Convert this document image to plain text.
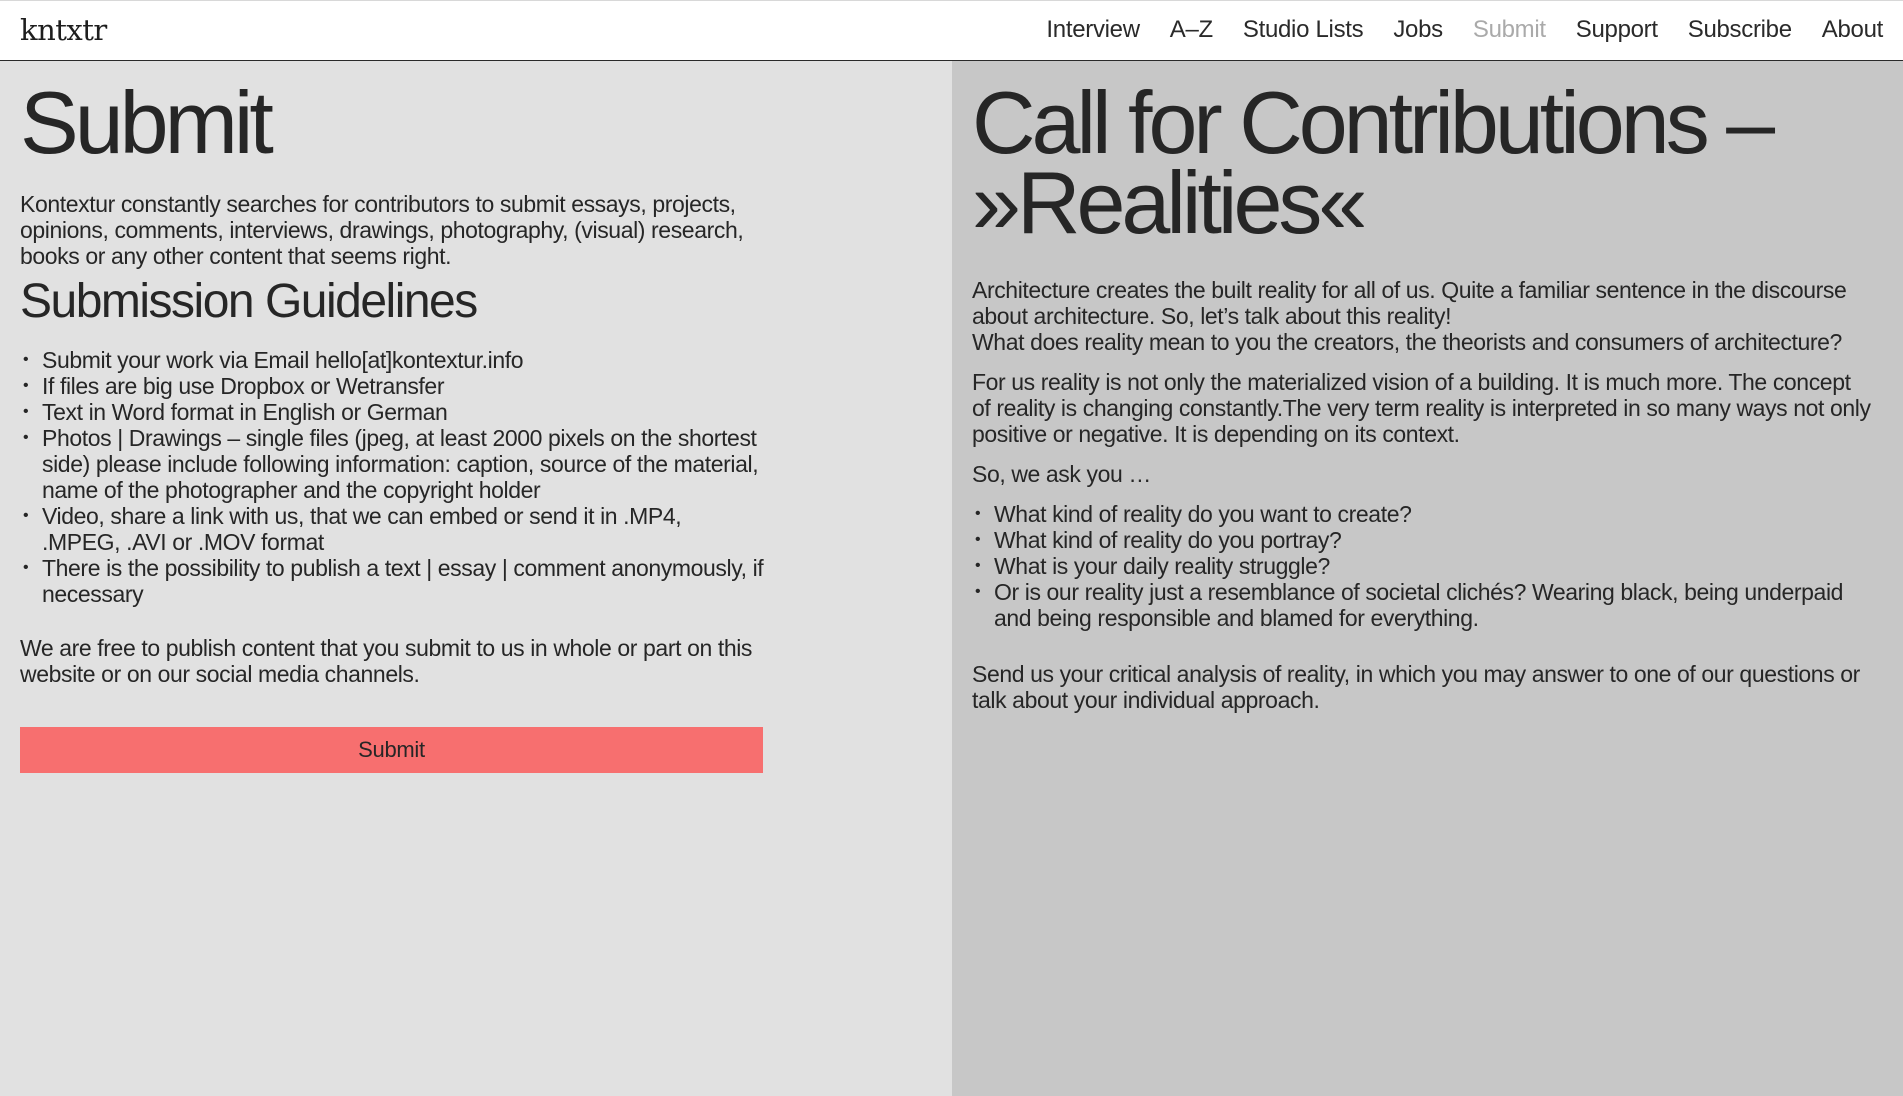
kntxtr	Interview A–Z Studio Lists Jobs Submit Support Subscribe About
Submit

Kontextur constantly searches for contributors to submit essays, projects, opinions, comments, interviews, drawings, photography, (visual) research, books or any other content that seems right.

Submission Guidelines
• Submit your work via Email hello[at]kontextur.info
• If files are big use Dropbox or Wetransfer
• Text in Word format in English or German
• Photos | Drawings – single files (jpeg, at least 2000 pixels on the shortest side) please include following information: caption, source of the material, name of the photographer and the copyright holder
• Video, share a link with us, that we can embed or send it in .MP4, .MPEG, .AVI or .MOV format
• There is the possibility to publish a text | essay | comment anonymously, if necessary

We are free to publish content that you submit to us in whole or part on this website or on our social media channels.

Submit
Call for Contributions –
»Realities«

Architecture creates the built reality for all of us. Quite a familiar sentence in the discourse about architecture. So, let’s talk about this reality!
What does reality mean to you the creators, the theorists and consumers of architecture?

For us reality is not only the materialized vision of a building. It is much more. The concept of reality is changing constantly.The very term reality is interpreted in so many ways not only positive or negative. It is depending on its context.

So, we ask you …

• What kind of reality do you want to create?
• What kind of reality do you portray?
• What is your daily reality struggle?
• Or is our reality just a resemblance of societal clichés? Wearing black, being underpaid and being responsible and blamed for everything.

Send us your critical analysis of reality, in which you may answer to one of our questions or talk about your individual approach.
